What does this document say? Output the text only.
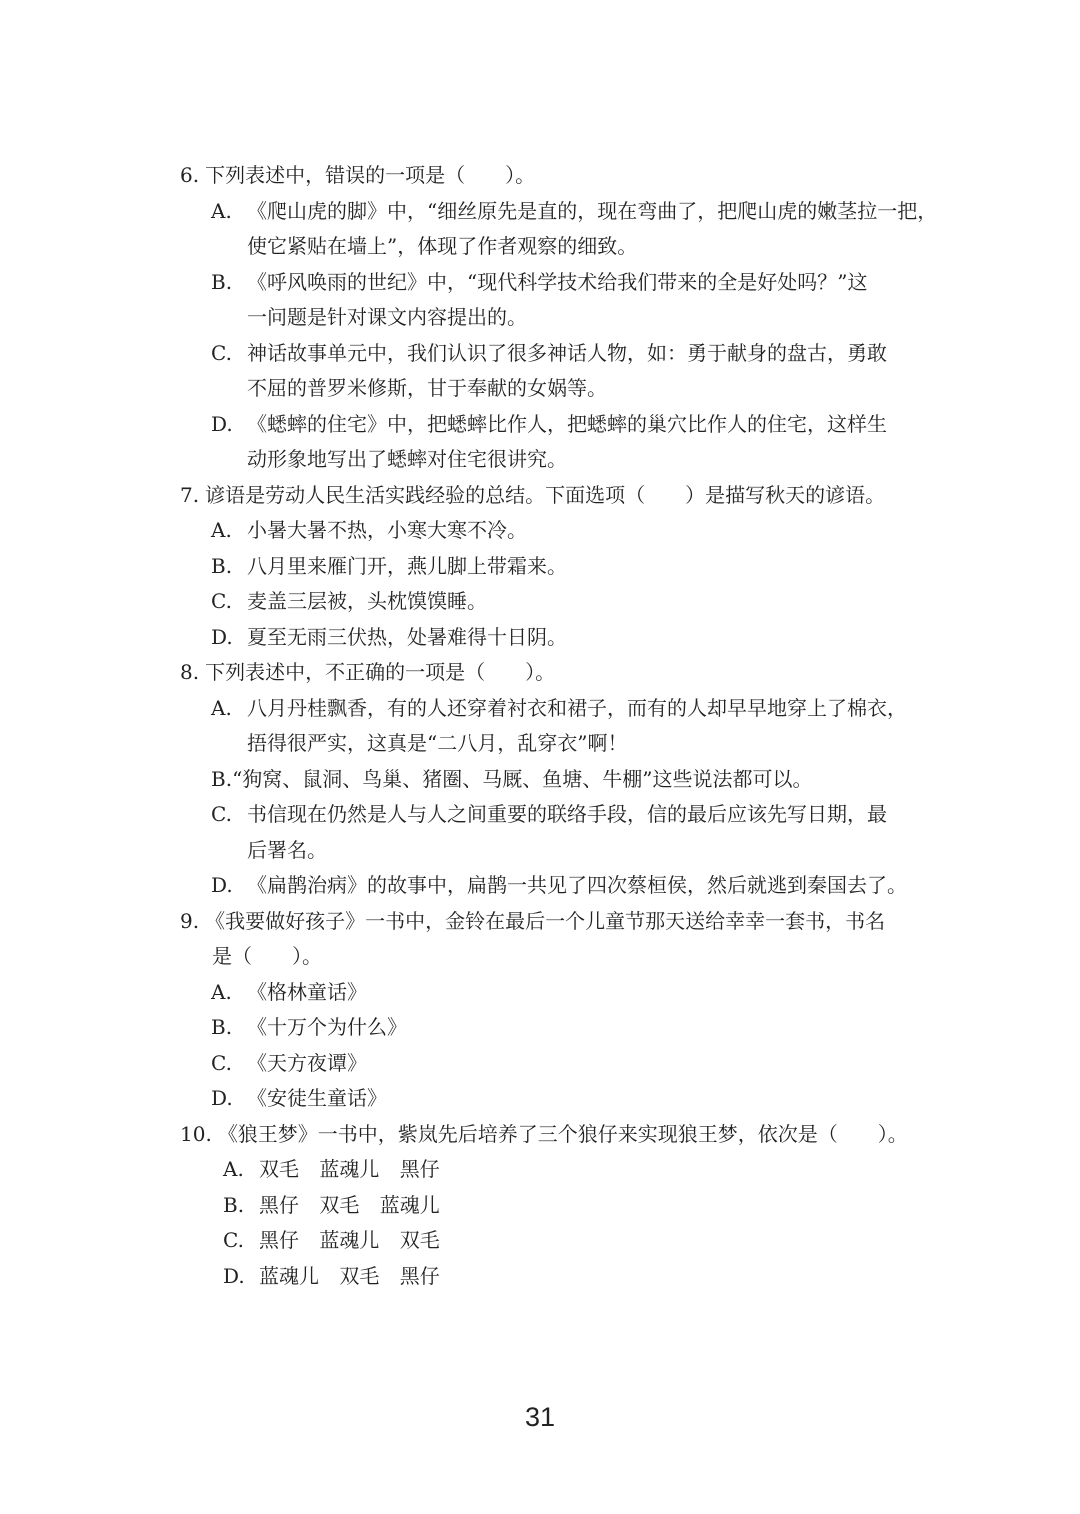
6. 下列表述中，错误的一项是（　　）。
A. 《爬山虎的脚》中，“细丝原先是直的，现在弯曲了，把爬山虎的嫩茎拉一把，
使它紧贴在墙上”，体现了作者观察的细致。
B. 《呼风唤雨的世纪》中，“现代科学技术给我们带来的全是好处吗？”这
一问题是针对课文内容提出的。
C. 神话故事单元中，我们认识了很多神话人物，如：勇于献身的盘古，勇敢
不屈的普罗米修斯，甘于奉献的女娲等。
D. 《蟋蟀的住宅》中，把蟋蟀比作人，把蟋蟀的巢穴比作人的住宅，这样生
动形象地写出了蟋蟀对住宅很讲究。
7. 谚语是劳动人民生活实践经验的总结。下面选项（　　）是描写秋天的谚语。
A. 小暑大暑不热，小寒大寒不冷。
B. 八月里来雁门开，燕儿脚上带霜来。
C. 麦盖三层被，头枕馍馍睡。
D. 夏至无雨三伏热，处暑难得十日阴。
8. 下列表述中，不正确的一项是（　　）。
A. 八月丹桂飘香，有的人还穿着衬衣和裙子，而有的人却早早地穿上了棉衣，
捂得很严实，这真是“二八月，乱穿衣”啊！
B.“狗窝、鼠洞、鸟巢、猪圈、马厩、鱼塘、牛棚”这些说法都可以。
C. 书信现在仍然是人与人之间重要的联络手段，信的最后应该先写日期，最
后署名。
D. 《扁鹊治病》的故事中，扁鹊一共见了四次蔡桓侯，然后就逃到秦国去了。
9. 《我要做好孩子》一书中，金铃在最后一个儿童节那天送给幸幸一套书，书名
是（　　）。
A. 《格林童话》
B. 《十万个为什么》
C. 《天方夜谭》
D. 《安徒生童话》
10. 《狼王梦》一书中，紫岚先后培养了三个狼仔来实现狼王梦，依次是（　　）。
A. 双毛 蓝魂儿 黑仔
B. 黑仔 双毛 蓝魂儿
C. 黑仔 蓝魂儿 双毛
D. 蓝魂儿 双毛 黑仔
31
